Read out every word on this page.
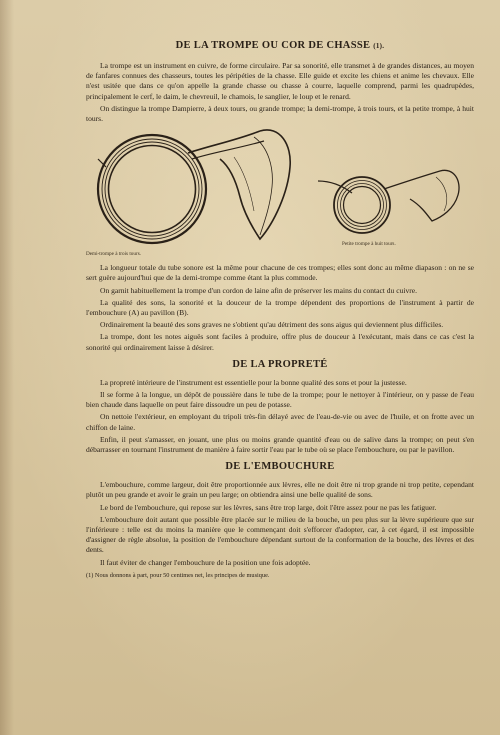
DE LA TROMPE OU COR DE CHASSE (1).

La trompe est un instrument en cuivre, de forme circulaire. Par sa sonorité, elle transmet à de grandes distances, au moyen de fanfares connues des chasseurs, toutes les péripéties de la chasse. Elle guide et excite les chiens et anime les chevaux. Elle n'est usitée que dans ce qu'on appelle la grande chasse ou chasse à courre, laquelle comprend, parmi les quadrupèdes, principalement le cerf, le daim, le chevreuil, le chamois, le sanglier, le loup et le renard.

On distingue la trompe Dampierre, à deux tours, ou grande trompe; la demi-trompe, à trois tours, et la petite trompe, à huit tours.

Demi-trompe à trois tours.
Petite trompe à huit tours.

La longueur totale du tube sonore est la même pour chacune de ces trompes; elles sont donc au même diapason : on ne se sert guère aujourd'hui que de la demi-trompe comme étant la plus commode.

On garnit habituellement la trompe d'un cordon de laine afin de préserver les mains du contact du cuivre.

La qualité des sons, la sonorité et la douceur de la trompe dépendent des proportions de l'instrument à partir de l'embouchure (A) au pavillon (B).

Ordinairement la beauté des sons graves ne s'obtient qu'au détriment des sons aigus qui deviennent plus difficiles.

La trompe, dont les notes aiguës sont faciles à produire, offre plus de douceur à l'exécutant, mais dans ce cas c'est la sonorité qui ordinairement laisse à désirer.

DE LA PROPRETÉ

La propreté intérieure de l'instrument est essentielle pour la bonne qualité des sons et pour la justesse.

Il se forme à la longue, un dépôt de poussière dans le tube de la trompe; pour le nettoyer à l'intérieur, on y passe de l'eau bien chaude dans laquelle on peut faire dissoudre un peu de potasse.

On nettoie l'extérieur, en employant du tripoli très-fin délayé avec de l'eau-de-vie ou avec de l'huile, et on frotte avec un chiffon de laine.

Enfin, il peut s'amasser, en jouant, une plus ou moins grande quantité d'eau ou de salive dans la trompe; on peut s'en débarrasser en tournant l'instrument de manière à faire sortir l'eau par le tube où se place l'embouchure, ou par le pavillon.

DE L'EMBOUCHURE

L'embouchure, comme largeur, doit être proportionnée aux lèvres, elle ne doit être ni trop grande ni trop petite, cependant plutôt un peu grande et avoir le grain un peu large; on obtiendra ainsi une belle qualité de sons.

Le bord de l'embouchure, qui repose sur les lèvres, sans être trop large, doit l'être assez pour ne pas les fatiguer.

L'embouchure doit autant que possible être placée sur le milieu de la bouche, un peu plus sur la lèvre supérieure que sur l'inférieure : telle est du moins la manière que le commençant doit s'efforcer d'adopter, car, à cet égard, il est impossible d'assigner de règle absolue, la position de l'embouchure dépendant surtout de la conformation de la bouche, des lèvres et des dents.

Il faut éviter de changer l'embouchure de la position une fois adoptée.

(1) Nous donnons à part, pour 50 centimes net, les principes de musique.
